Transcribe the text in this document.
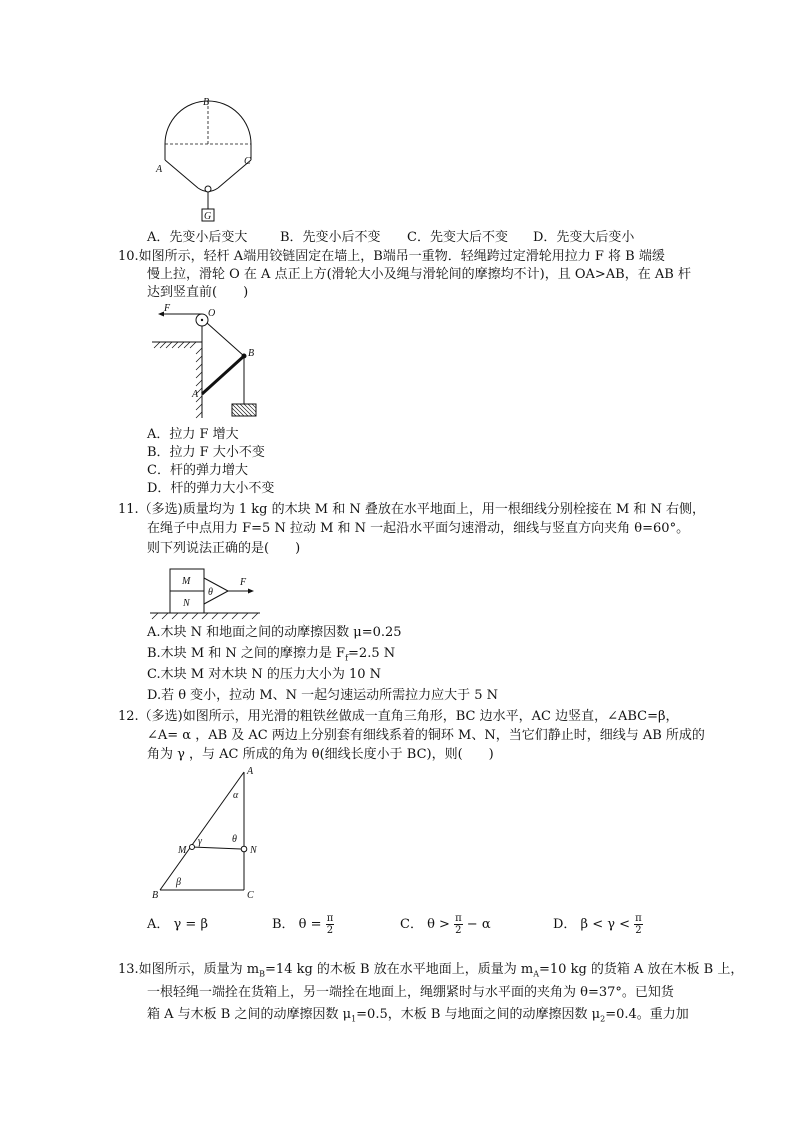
B
A
C
G
A．先变小后变大	B．先变小后不变 C．先变大后不变 D．先变大后变小
10.如图所示，轻杆 A端用铰链固定在墙上，B端吊一重物．轻绳跨过定滑轮用拉力 F 将 B 端缓
慢上拉，滑轮 O 在 A 点正上方(滑轮大小及绳与滑轮间的摩擦均不计)，且 OA>AB，在 AB 杆
达到竖直前(　　)
F	O
B
A
A．拉力 F 增大
B．拉力 F 大小不变
C．杆的弹力增大
D．杆的弹力大小不变
11.（多选)质量均为 1 kg 的木块 M 和 N 叠放在水平地面上，用一根细线分别栓接在 M 和 N 右侧，
在绳子中点用力 F=5 N 拉动 M 和 N 一起沿水平面匀速滑动，细线与竖直方向夹角 θ=60°。
则下列说法正确的是(　　)
M
N
θ
F
A.木块 N 和地面之间的动摩擦因数 μ=0.25
B.木块 M 和 N 之间的摩擦力是 $F_f=2.5$ N
C.木块 M 对木块 N 的压力大小为 10 N
D.若 θ 变小，拉动 M、N 一起匀速运动所需拉力应大于 5 N
12.（多选)如图所示，用光滑的粗铁丝做成一直角三角形，BC 边水平，AC 边竖直，∠ABC=β，
∠A= α ，AB 及 AC 两边上分别套有细线系着的铜环 M、N，当它们静止时，细线与 AB 所成的
角为 γ ，与 AC 所成的角为 θ(细线长度小于 BC)，则(　　)
A
α
θ
M
γ
N
β
B	C
A． γ = β	B． $\theta = \frac{\pi}{2}$	C． $\theta > \frac{\pi}{2} - \alpha$	D． $\beta < \gamma < \frac{\pi}{2}$
13.如图所示，质量为 $m_B=14$ kg 的木板 B 放在水平地面上，质量为 $m_A=10$ kg 的货箱 A 放在木板 B 上，
一根轻绳一端拴在货箱上，另一端拴在地面上，绳绷紧时与水平面的夹角为 θ=37°。已知货
箱 A 与木板 B 之间的动摩擦因数 $\mu_1=0.5$，木板 B 与地面之间的动摩擦因数 $\mu_2=0.4$。重力加
